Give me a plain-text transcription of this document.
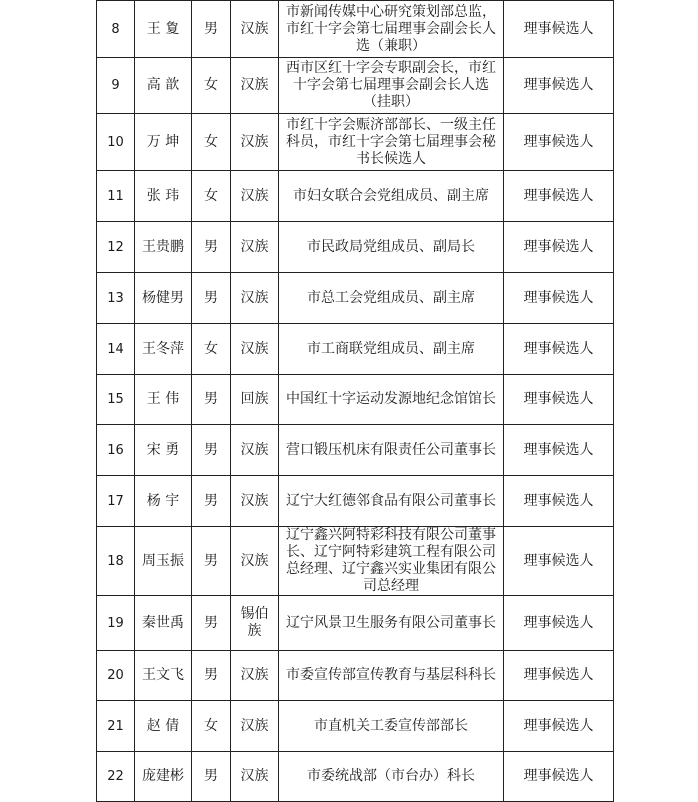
8	王 夐	男	汉族	市新闻传媒中心研究策划部总监，市红十字会第七届理事会副会长人选（兼职）	理事候选人
9	高 歆	女	汉族	西市区红十字会专职副会长，市红十字会第七届理事会副会长人选（挂职）	理事候选人
10	万 坤	女	汉族	市红十字会赈济部部长、一级主任科员，市红十字会第七届理事会秘书长候选人	理事候选人
11	张 玮	女	汉族	市妇女联合会党组成员、副主席	理事候选人
12	王贵鹏	男	汉族	市民政局党组成员、副局长	理事候选人
13	杨健男	男	汉族	市总工会党组成员、副主席	理事候选人
14	王冬萍	女	汉族	市工商联党组成员、副主席	理事候选人
15	王 伟	男	回族	中国红十字运动发源地纪念馆馆长	理事候选人
16	宋 勇	男	汉族	营口锻压机床有限责任公司董事长	理事候选人
17	杨 宇	男	汉族	辽宁大红德邻食品有限公司董事长	理事候选人
18	周玉振	男	汉族	辽宁鑫兴阿特彩科技有限公司董事长、辽宁阿特彩建筑工程有限公司总经理、辽宁鑫兴实业集团有限公司总经理	理事候选人
19	秦世禹	男	锡伯族	辽宁风景卫生服务有限公司董事长	理事候选人
20	王文飞	男	汉族	市委宣传部宣传教育与基层科科长	理事候选人
21	赵 倩	女	汉族	市直机关工委宣传部部长	理事候选人
22	庞建彬	男	汉族	市委统战部（市台办）科长	理事候选人
